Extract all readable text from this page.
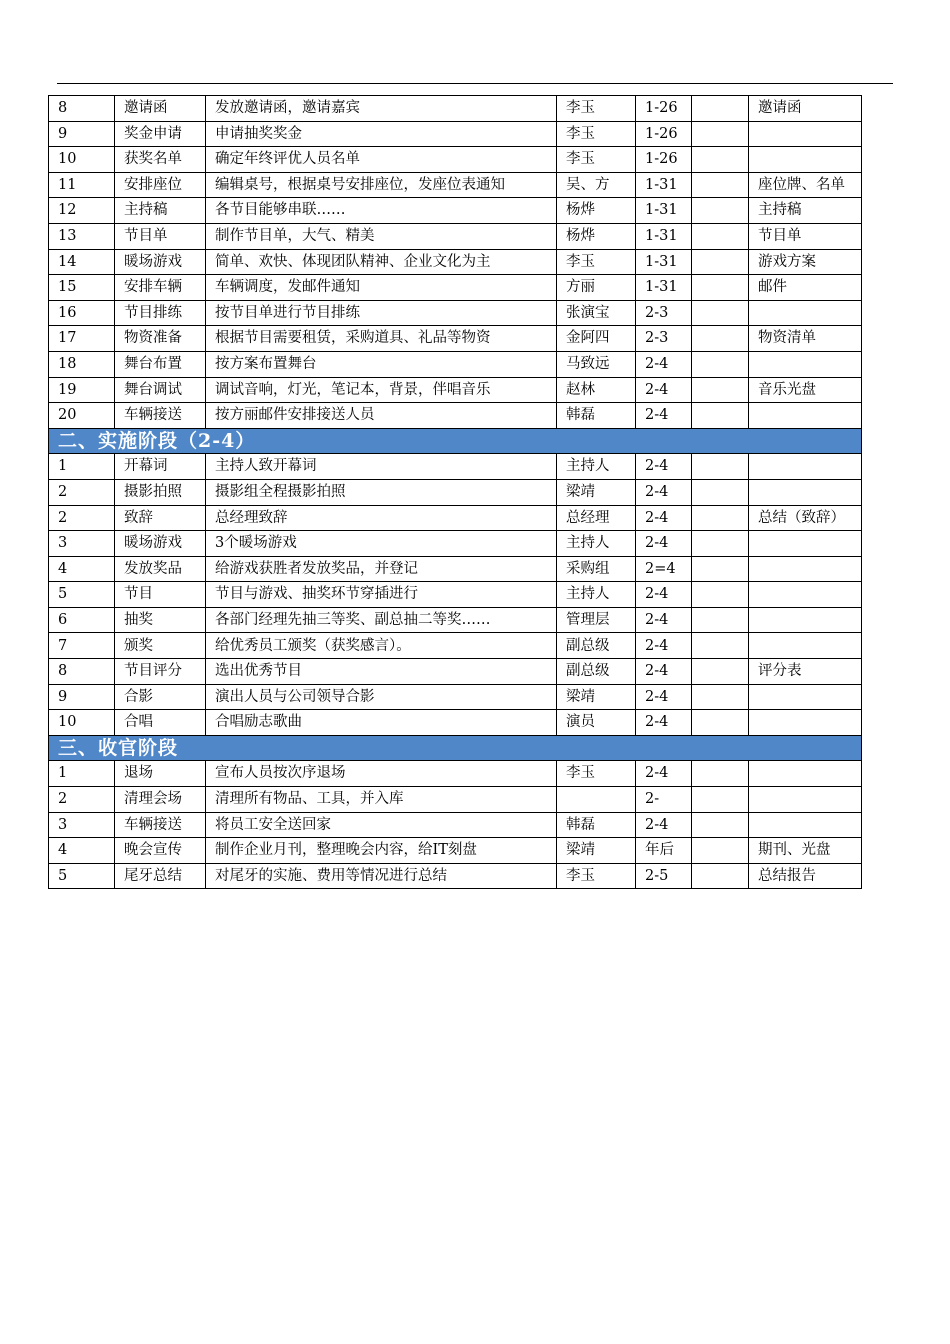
8	邀请函	发放邀请函，邀请嘉宾	李玉	1-26		邀请函
9	奖金申请	申请抽奖奖金	李玉	1-26		
10	获奖名单	确定年终评优人员名单	李玉	1-26		
11	安排座位	编辑桌号，根据桌号安排座位，发座位表通知	吴、方	1-31		座位牌、名单
12	主持稿	各节目能够串联……	杨烨	1-31		主持稿
13	节目单	制作节目单，大气、精美	杨烨	1-31		节目单
14	暖场游戏	简单、欢快、体现团队精神、企业文化为主	李玉	1-31		游戏方案
15	安排车辆	车辆调度，发邮件通知	方丽	1-31		邮件
16	节目排练	按节目单进行节目排练	张演宝	2-3		
17	物资准备	根据节目需要租赁，采购道具、礼品等物资	金阿四	2-3		物资清单
18	舞台布置	按方案布置舞台	马致远	2-4		
19	舞台调试	调试音响，灯光，笔记本，背景，伴唱音乐	赵林	2-4		音乐光盘
20	车辆接送	按方丽邮件安排接送人员	韩磊	2-4		
二、实施阶段（2-4）						
1	开幕词	主持人致开幕词	主持人	2-4		
2	摄影拍照	摄影组全程摄影拍照	梁靖	2-4		
2	致辞	总经理致辞	总经理	2-4		总结（致辞）
3	暖场游戏	3个暖场游戏	主持人	2-4		
4	发放奖品	给游戏获胜者发放奖品，并登记	采购组	2=4		
5	节目	节目与游戏、抽奖环节穿插进行	主持人	2-4		
6	抽奖	各部门经理先抽三等奖、副总抽二等奖……	管理层	2-4		
7	颁奖	给优秀员工颁奖（获奖感言）。	副总级	2-4		
8	节目评分	选出优秀节目	副总级	2-4		评分表
9	合影	演出人员与公司领导合影	梁靖	2-4		
10	合唱	合唱励志歌曲	演员	2-4		
三、收官阶段						
1	退场	宣布人员按次序退场	李玉	2-4		
2	清理会场	清理所有物品、工具，并入库		2-		
3	车辆接送	将员工安全送回家	韩磊	2-4		
4	晚会宣传	制作企业月刊，整理晚会内容，给IT刻盘	梁靖	年后		期刊、光盘
5	尾牙总结	对尾牙的实施、费用等情况进行总结	李玉	2-5		总结报告
